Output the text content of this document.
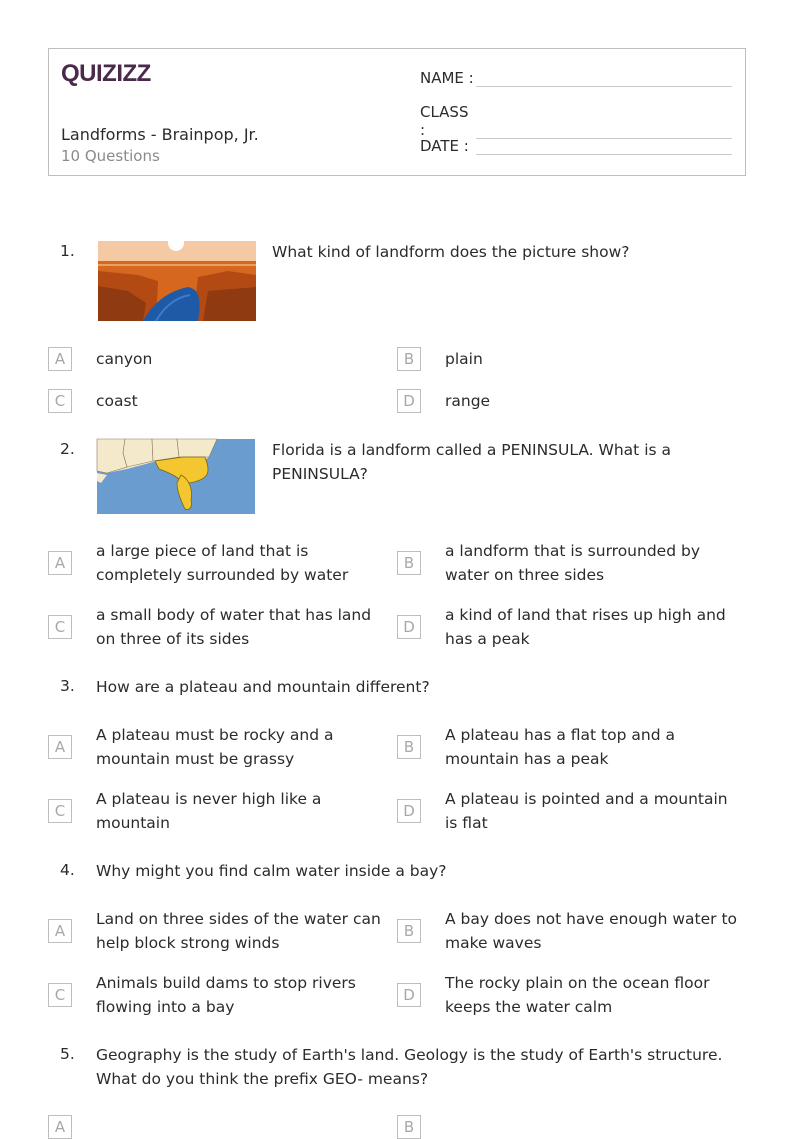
QUIZIZZ
Landforms - Brainpop, Jr.
10 Questions
NAME :
CLASS :
DATE :
1.	What kind of landform does the picture show?
A	canyon	B	plain
C	coast	D	range
2.	Florida is a landform called a PENINSULA. What is a PENINSULA?
A
a large piece of land that is completely surrounded by water
B
a landform that is surrounded by water on three sides
C
a small body of water that has land on three of its sides
D
a kind of land that rises up high and has a peak
3. How are a plateau and mountain different?
A
A plateau must be rocky and a mountain must be grassy
B
A plateau has a flat top and a mountain has a peak
C
A plateau is never high like a mountain
D
A plateau is pointed and a mountain is flat
4. Why might you find calm water inside a bay?
A
Land on three sides of the water can help block strong winds
B
A bay does not have enough water to make waves
C
Animals build dams to stop rivers flowing into a bay
D
The rocky plain on the ocean floor keeps the water calm
5. Geography is the study of Earth's land. Geology is the study of Earth's structure. What do you think the prefix GEO- means?
A	B
